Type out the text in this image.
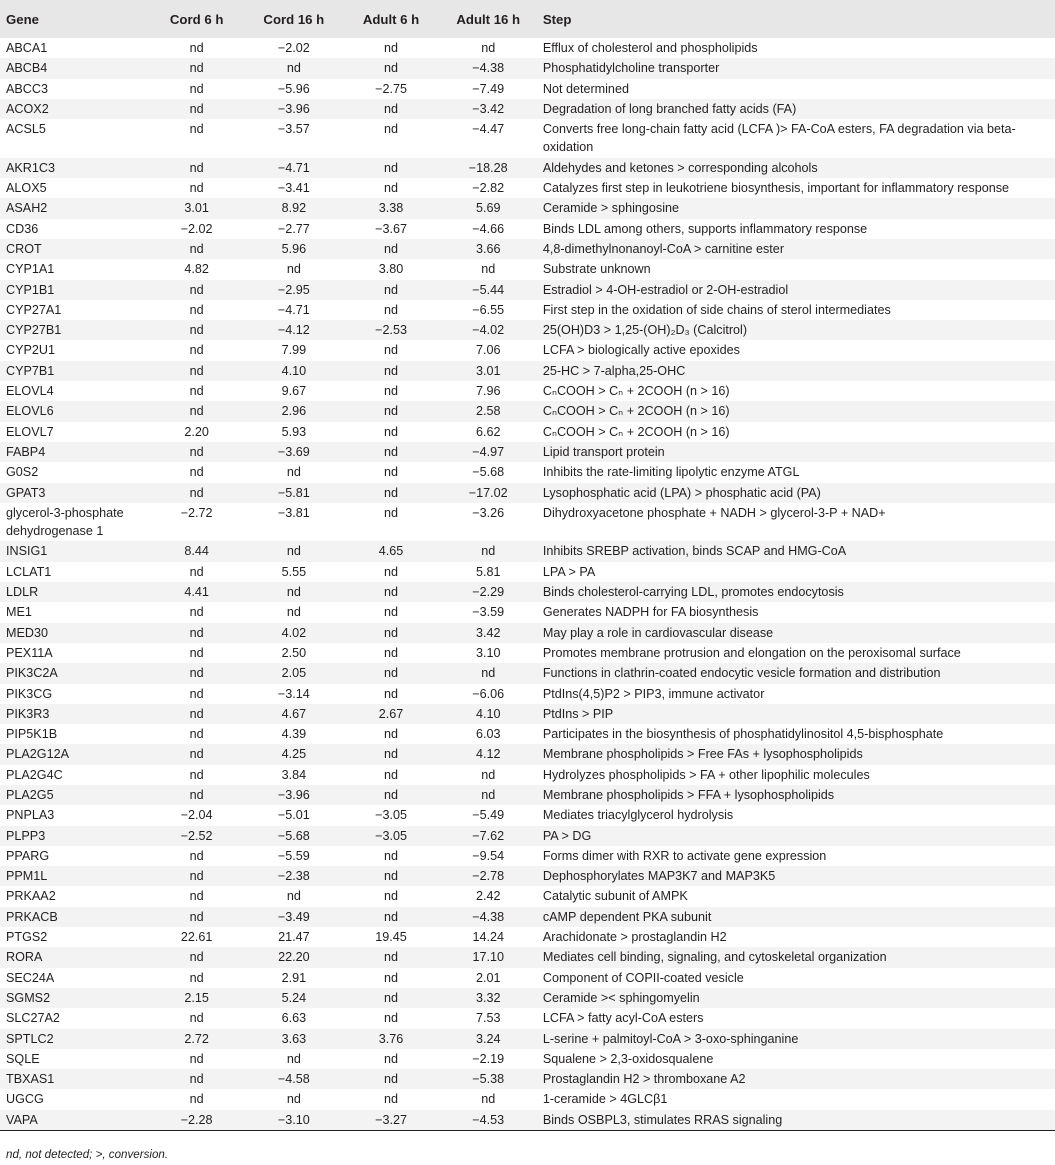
Gene	Cord 6 h	Cord 16 h	Adult 6 h	Adult 16 h	Step
ABCA1	nd	−2.02	nd	nd	Efflux of cholesterol and phospholipids
ABCB4	nd	nd	nd	−4.38	Phosphatidylcholine transporter
ABCC3	nd	−5.96	−2.75	−7.49	Not determined
ACOX2	nd	−3.96	nd	−3.42	Degradation of long branched fatty acids (FA)
ACSL5	nd	−3.57	nd	−4.47	Converts free long-chain fatty acid (LCFA )> FA-CoA esters, FA degradation via beta-oxidation
AKR1C3	nd	−4.71	nd	−18.28	Aldehydes and ketones > corresponding alcohols
ALOX5	nd	−3.41	nd	−2.82	Catalyzes first step in leukotriene biosynthesis, important for inflammatory response
ASAH2	3.01	8.92	3.38	5.69	Ceramide > sphingosine
CD36	−2.02	−2.77	−3.67	−4.66	Binds LDL among others, supports inflammatory response
CROT	nd	5.96	nd	3.66	4,8-dimethylnonanoyl-CoA > carnitine ester
CYP1A1	4.82	nd	3.80	nd	Substrate unknown
CYP1B1	nd	−2.95	nd	−5.44	Estradiol > 4-OH-estradiol or 2-OH-estradiol
CYP27A1	nd	−4.71	nd	−6.55	First step in the oxidation of side chains of sterol intermediates
CYP27B1	nd	−4.12	−2.53	−4.02	25(OH)D3 > 1,25-(OH)₂D₃ (Calcitrol)
CYP2U1	nd	7.99	nd	7.06	LCFA > biologically active epoxides
CYP7B1	nd	4.10	nd	3.01	25-HC > 7-alpha,25-OHC
ELOVL4	nd	9.67	nd	7.96	CₙCOOH > Cₙ + 2COOH (n > 16)
ELOVL6	nd	2.96	nd	2.58	CₙCOOH > Cₙ + 2COOH (n > 16)
ELOVL7	2.20	5.93	nd	6.62	CₙCOOH > Cₙ + 2COOH (n > 16)
FABP4	nd	−3.69	nd	−4.97	Lipid transport protein
G0S2	nd	nd	nd	−5.68	Inhibits the rate-limiting lipolytic enzyme ATGL
GPAT3	nd	−5.81	nd	−17.02	Lysophosphatic acid (LPA) > phosphatic acid (PA)
glycerol-3-phosphate dehydrogenase 1	−2.72	−3.81	nd	−3.26	Dihydroxyacetone phosphate + NADH > glycerol-3-P + NAD+
INSIG1	8.44	nd	4.65	nd	Inhibits SREBP activation, binds SCAP and HMG-CoA
LCLAT1	nd	5.55	nd	5.81	LPA > PA
LDLR	4.41	nd	nd	−2.29	Binds cholesterol-carrying LDL, promotes endocytosis
ME1	nd	nd	nd	−3.59	Generates NADPH for FA biosynthesis
MED30	nd	4.02	nd	3.42	May play a role in cardiovascular disease
PEX11A	nd	2.50	nd	3.10	Promotes membrane protrusion and elongation on the peroxisomal surface
PIK3C2A	nd	2.05	nd	nd	Functions in clathrin-coated endocytic vesicle formation and distribution
PIK3CG	nd	−3.14	nd	−6.06	PtdIns(4,5)P2 > PIP3, immune activator
PIK3R3	nd	4.67	2.67	4.10	PtdIns > PIP
PIP5K1B	nd	4.39	nd	6.03	Participates in the biosynthesis of phosphatidylinositol 4,5-bisphosphate
PLA2G12A	nd	4.25	nd	4.12	Membrane phospholipids > Free FAs + lysophospholipids
PLA2G4C	nd	3.84	nd	nd	Hydrolyzes phospholipids > FA + other lipophilic molecules
PLA2G5	nd	−3.96	nd	nd	Membrane phospholipids > FFA + lysophospholipids
PNPLA3	−2.04	−5.01	−3.05	−5.49	Mediates triacylglycerol hydrolysis
PLPP3	−2.52	−5.68	−3.05	−7.62	PA > DG
PPARG	nd	−5.59	nd	−9.54	Forms dimer with RXR to activate gene expression
PPM1L	nd	−2.38	nd	−2.78	Dephosphorylates MAP3K7 and MAP3K5
PRKAA2	nd	nd	nd	2.42	Catalytic subunit of AMPK
PRKACB	nd	−3.49	nd	−4.38	cAMP dependent PKA subunit
PTGS2	22.61	21.47	19.45	14.24	Arachidonate > prostaglandin H2
RORA	nd	22.20	nd	17.10	Mediates cell binding, signaling, and cytoskeletal organization
SEC24A	nd	2.91	nd	2.01	Component of COPII-coated vesicle
SGMS2	2.15	5.24	nd	3.32	Ceramide >< sphingomyelin
SLC27A2	nd	6.63	nd	7.53	LCFA > fatty acyl-CoA esters
SPTLC2	2.72	3.63	3.76	3.24	L-serine + palmitoyl-CoA > 3-oxo-sphinganine
SQLE	nd	nd	nd	−2.19	Squalene > 2,3-oxidosqualene
TBXAS1	nd	−4.58	nd	−5.38	Prostaglandin H2 > thromboxane A2
UGCG	nd	nd	nd	nd	1-ceramide > 4GLCβ1
VAPA	−2.28	−3.10	−3.27	−4.53	Binds OSBPL3, stimulates RRAS signaling
nd, not detected; >, conversion.
